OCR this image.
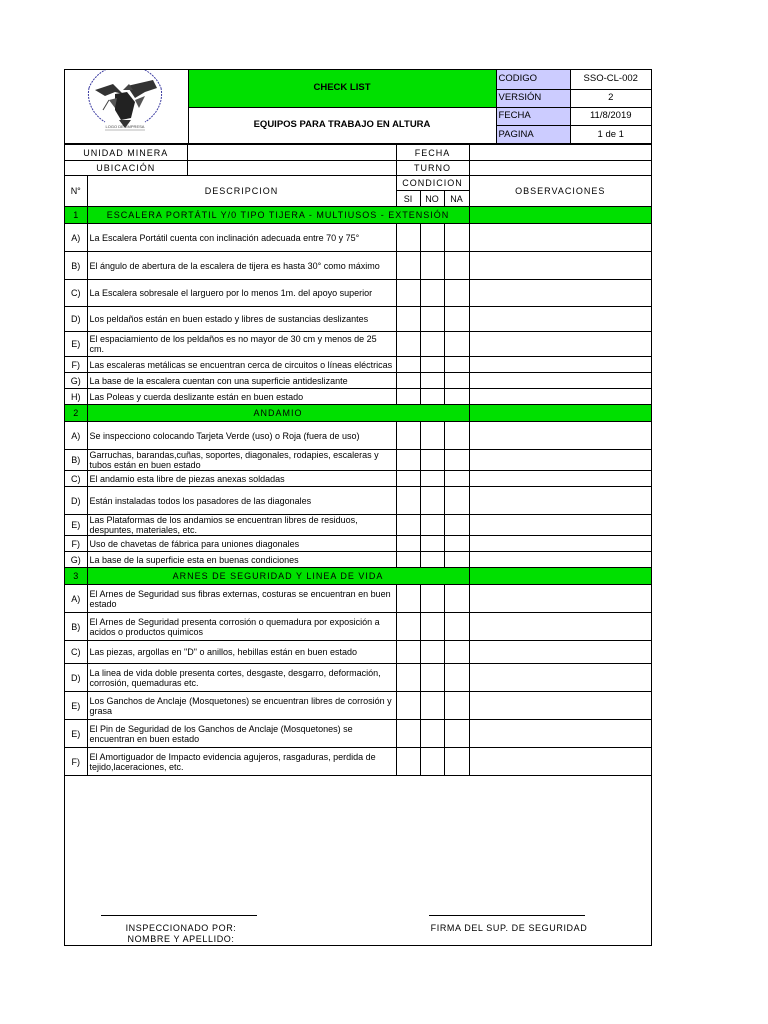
LOGO DE EMPRESA	CHECK LIST	CODIGO	SSO-CL-002
		VERSIÓN	2
	EQUIPOS PARA TRABAJO EN ALTURA	FECHA	11/8/2019
		PAGINA	1 de 1
UNIDAD MINERA			FECHA			
UBICACIÓN			TURNO			
N°	DESCRIPCION		CONDICION			OBSERVACIONES
			SI	NO	NA	
1	ESCALERA PORTÁTIL Y/0 TIPO TIJERA - MULTIUSOS - EXTENSIÓN					
A)	La Escalera Portátil cuenta con inclinación adecuada entre 70 y 75°					
B)	El ángulo de abertura de la escalera de tijera es hasta 30° como máximo					
C)	La Escalera sobresale el larguero por lo menos 1m. del apoyo superior					
D)	Los peldaños están en buen estado y libres de sustancias deslizantes					
E)	El espaciamiento de los peldaños es no mayor de 30 cm y menos de 25 cm.					
F)	Las escaleras metálicas se encuentran cerca de circuitos o líneas eléctricas					
G)	La base de la escalera cuentan con una superficie antideslizante					
H)	Las Poleas y cuerda deslizante están en buen estado					
2	ANDAMIO					
A)	Se inspecciono colocando Tarjeta Verde (uso) o Roja (fuera de uso)					
B)	Garruchas, barandas,cuñas, soportes, diagonales, rodapies, escaleras y tubos están en buen estado					
C)	El andamio esta libre de piezas anexas soldadas					
D)	Están instaladas todos los pasadores de las diagonales					
E)	Las Plataformas de los andamios se encuentran libres de residuos, despuntes, materiales, etc.					
F)	Uso de chavetas de fábrica para uniones diagonales					
G)	La base de la superficie esta en buenas condiciones					
3	ARNES DE SEGURIDAD Y LINEA DE VIDA					
A)	El Arnes de Seguridad sus fibras externas, costuras se encuentran en buen estado					
B)	El Arnes de Seguridad presenta corrosión o quemadura por exposición a acidos o productos quimicos					
C)	Las piezas, argollas en "D" o anillos, hebillas están en buen estado					
D)	La linea de vida doble presenta cortes, desgaste, desgarro, deformación, corrosión, quemaduras etc.					
E)	Los Ganchos de Anclaje (Mosquetones) se encuentran libres de corrosión y grasa					
E)	El Pin de Seguridad de los Ganchos de Anclaje (Mosquetones) se encuentran en buen estado					
F)	El Amortiguador de Impacto evidencia agujeros, rasgaduras, perdida de tejido,laceraciones, etc.					
INSPECCIONADO POR:
NOMBRE Y APELLIDO:
FIRMA DEL SUP. DE SEGURIDAD
